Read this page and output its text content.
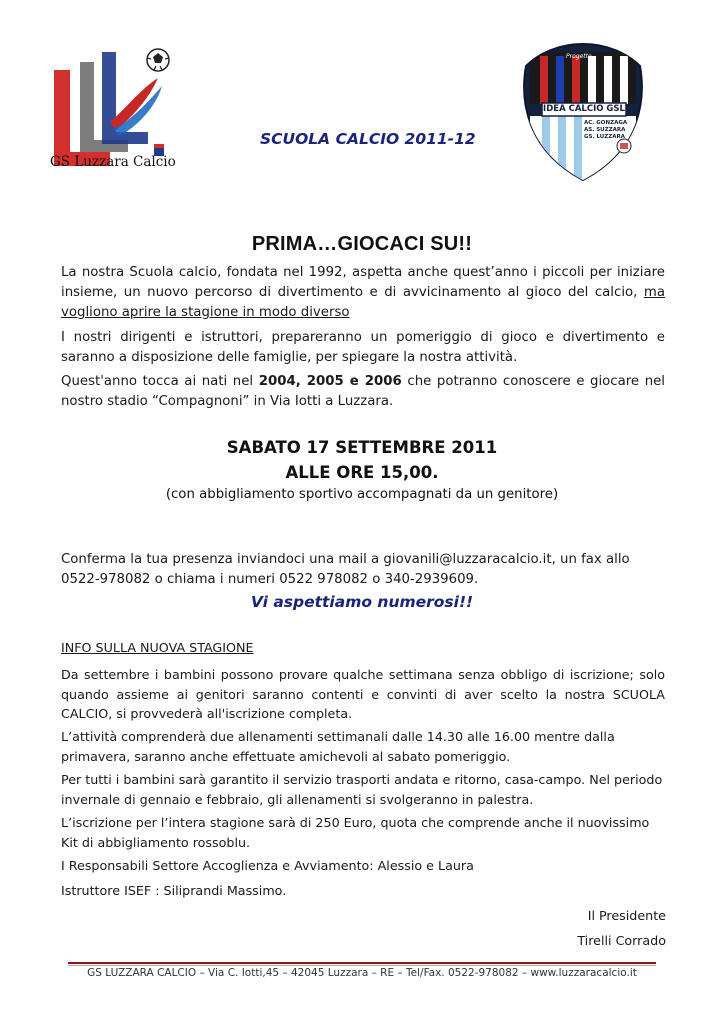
GS Luzzara Calcio
SCUOLA CALCIO 2011-12
Progetto
IDEA CALCIO GSL
AC. GONZAGA
AS. SUZZARA
GS. LUZZARA
PRIMA…GIOCACI SU!!
La nostra Scuola calcio, fondata nel 1992, aspetta anche quest’anno i piccoli per iniziare insieme, un nuovo percorso di divertimento e di avvicinamento al gioco del calcio, ma vogliono aprire la stagione in modo diverso
I nostri dirigenti e istruttori, prepareranno un pomeriggio di gioco e divertimento e saranno a disposizione delle famiglie, per spiegare la nostra attività.
Quest'anno tocca ai nati nel 2004, 2005 e 2006 che potranno conoscere e giocare nel nostro stadio “Compagnoni” in Via Iotti a Luzzara.
SABATO 17 SETTEMBRE 2011
ALLE ORE 15,00.
(con abbigliamento sportivo accompagnati da un genitore)
Conferma la tua presenza inviandoci una mail a giovanili@luzzaracalcio.it, un fax allo 0522-978082 o chiama i numeri 0522 978082 o 340-2939609.
Vi aspettiamo numerosi!!
INFO SULLA NUOVA STAGIONE
Da settembre i bambini possono provare qualche settimana senza obbligo di iscrizione; solo quando assieme ai genitori saranno contenti e convinti di aver scelto la nostra SCUOLA CALCIO, si provvederà all'iscrizione completa.
L’attività comprenderà due allenamenti settimanali dalle 14.30 alle 16.00 mentre dalla primavera, saranno anche effettuate amichevoli al sabato pomeriggio.
Per tutti i bambini sarà garantito il servizio trasporti andata e ritorno, casa-campo. Nel periodo invernale di gennaio e febbraio, gli allenamenti si svolgeranno in palestra.
L’iscrizione per l’intera stagione sarà di 250 Euro, quota che comprende anche il nuovissimo Kit di abbigliamento rossoblu.
I Responsabili Settore Accoglienza e Avviamento: Alessio e Laura
Istruttore ISEF : Siliprandi Massimo.
Il Presidente
Tirelli Corrado
GS LUZZARA CALCIO – Via C. Iotti,45 – 42045 Luzzara – RE – Tel/Fax. 0522-978082 – www.luzzaracalcio.it
